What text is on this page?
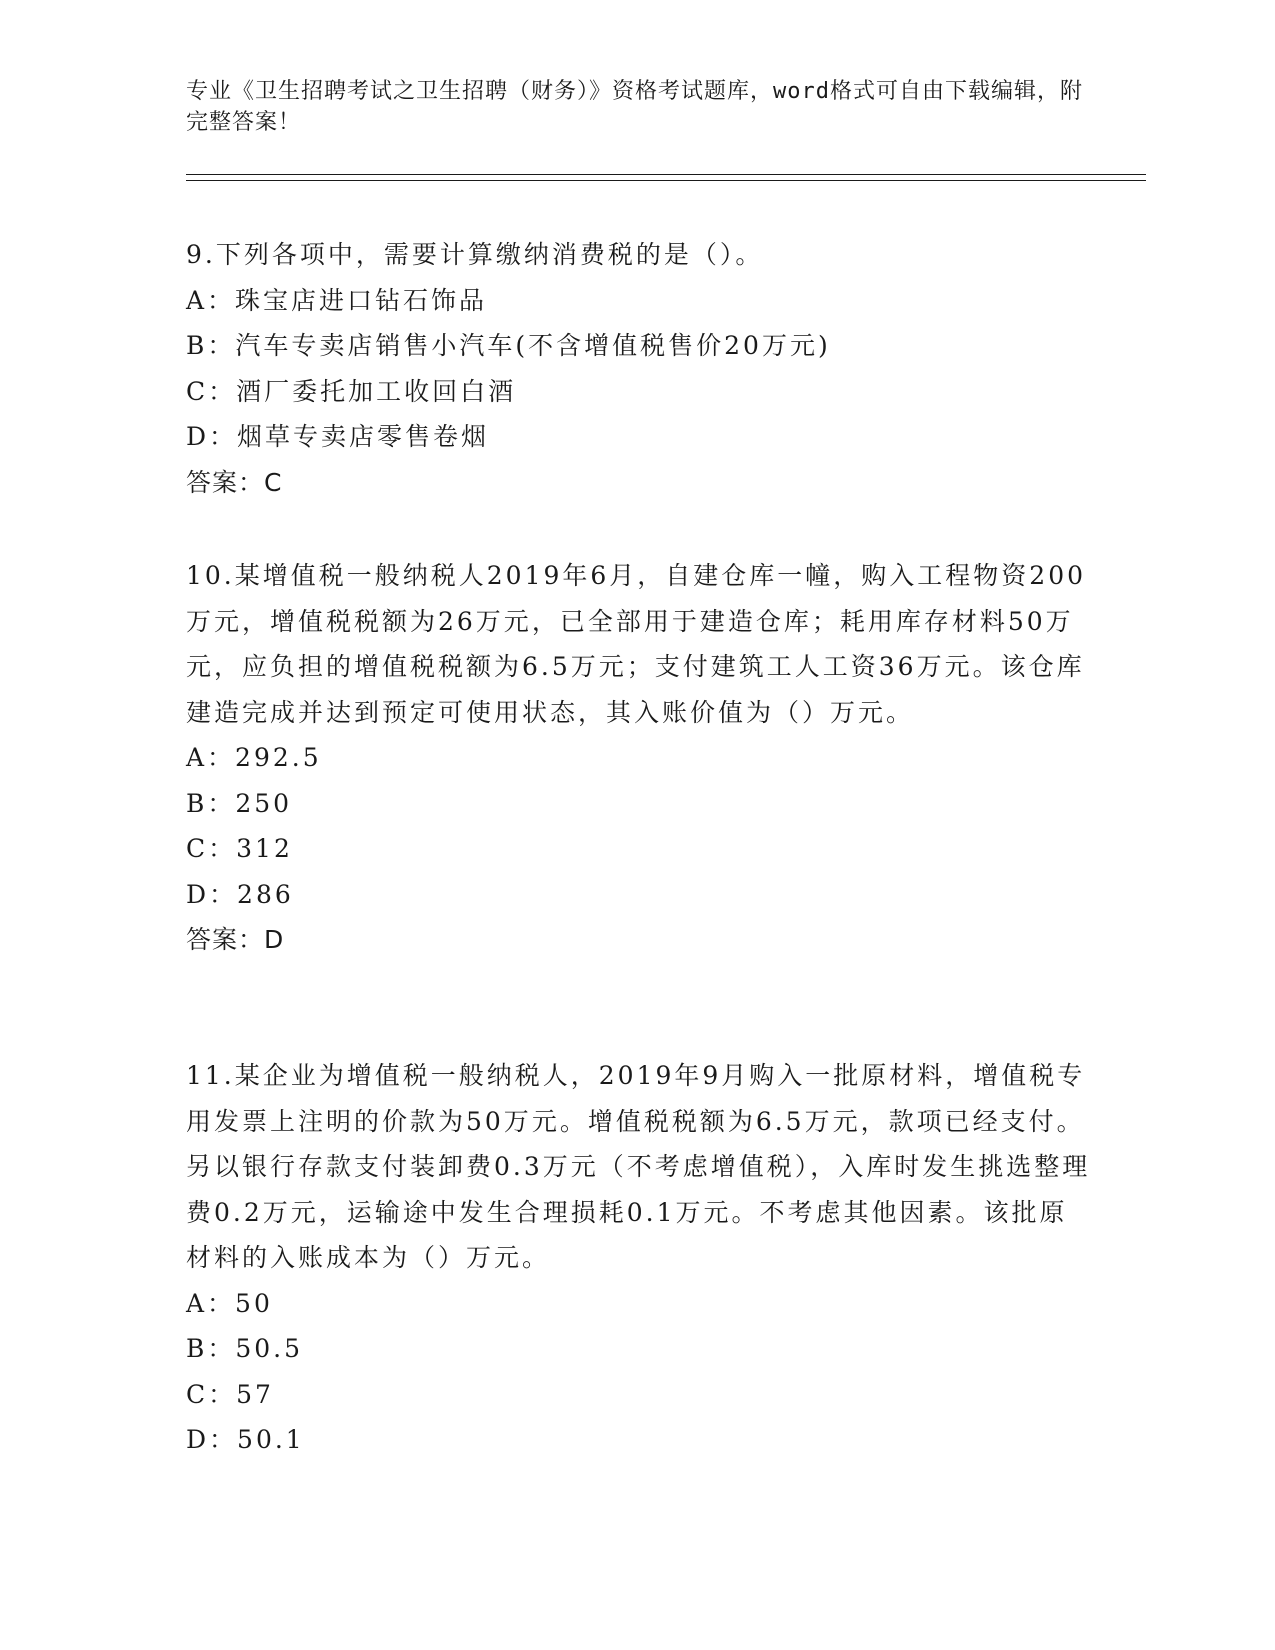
专业《卫生招聘考试之卫生招聘（财务）》资格考试题库，word格式可自由下载编辑，附完整答案！
9.下列各项中，需要计算缴纳消费税的是（）。
A：珠宝店进口钻石饰品
B：汽车专卖店销售小汽车(不含增值税售价20万元)
C：酒厂委托加工收回白酒
D：烟草专卖店零售卷烟
答案：C
10.某增值税一般纳税人2019年6月，自建仓库一幢，购入工程物资200万元，增值税税额为26万元，已全部用于建造仓库；耗用库存材料50万元，应负担的增值税税额为6.5万元；支付建筑工人工资36万元。该仓库建造完成并达到预定可使用状态，其入账价值为（）万元。
A：292.5
B：250
C：312
D：286
答案：D
11.某企业为增值税一般纳税人，2019年9月购入一批原材料，增值税专用发票上注明的价款为50万元。增值税税额为6.5万元，款项已经支付。另以银行存款支付装卸费0.3万元（不考虑增值税），入库时发生挑选整理费0.2万元，运输途中发生合理损耗0.1万元。不考虑其他因素。该批原材料的入账成本为（）万元。
A：50
B：50.5
C：57
D：50.1
